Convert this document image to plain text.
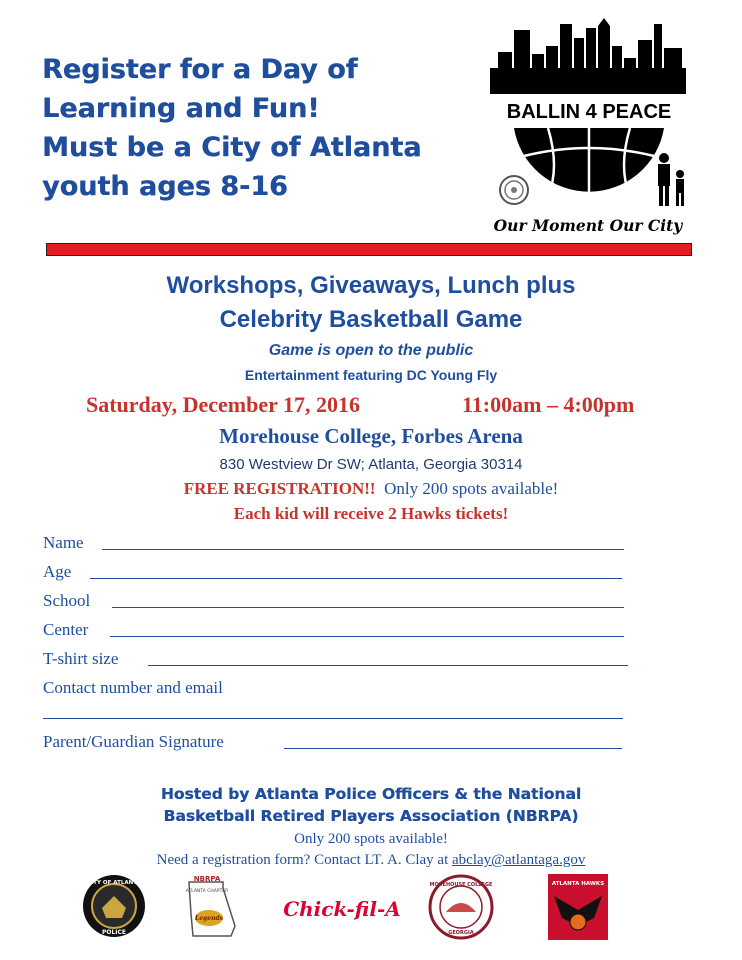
Register for a Day of
Learning and Fun!
Must be a City of Atlanta
youth ages 8-16
BALLIN 4 PEACE
Our Moment Our City
Workshops, Giveaways, Lunch plus
Celebrity Basketball Game
Game is open to the public
Entertainment featuring DC Young Fly
Saturday, December 17, 2016	11:00am – 4:00pm
Morehouse College, Forbes Arena
830 Westview Dr SW; Atlanta, Georgia 30314
FREE REGISTRATION!! Only 200 spots available!
Each kid will receive 2 Hawks tickets!
Name
Age
School
Center
T-shirt size
Contact number and email
Parent/Guardian Signature
Hosted by Atlanta Police Officers & the National
Basketball Retired Players Association (NBRPA)
Only 200 spots available!
Need a registration form? Contact LT. A. Clay at abclay@atlantaga.gov
CITY OF ATLANTA
POLICE
NBRPA
ATLANTA CHAPTER
Legends	Chick-fil-A
MOREHOUSE COLLEGE
GEORGIA
ATLANTA HAWKS
